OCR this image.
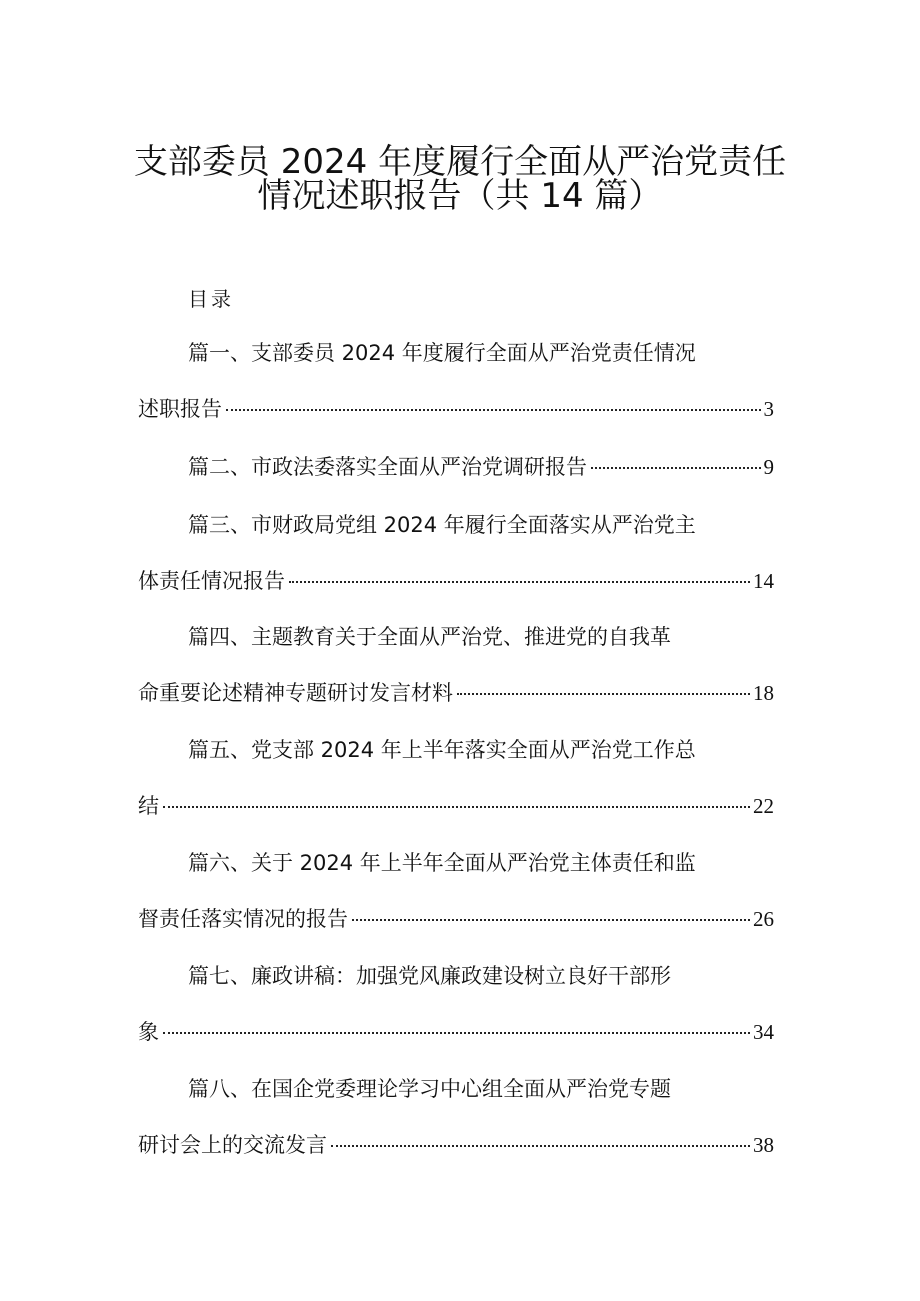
支部委员 2024 年度履行全面从严治党责任
情况述职报告（共 14 篇）
目录
篇一、支部委员 2024 年度履行全面从严治党责任情况
述职报告	3
篇二、市政法委落实全面从严治党调研报告	9
篇三、市财政局党组 2024 年履行全面落实从严治党主
体责任情况报告	14
篇四、主题教育关于全面从严治党、推进党的自我革
命重要论述精神专题研讨发言材料	18
篇五、党支部 2024 年上半年落实全面从严治党工作总
结	22
篇六、关于 2024 年上半年全面从严治党主体责任和监
督责任落实情况的报告	26
篇七、廉政讲稿：加强党风廉政建设树立良好干部形
象	34
篇八、在国企党委理论学习中心组全面从严治党专题
研讨会上的交流发言	38
